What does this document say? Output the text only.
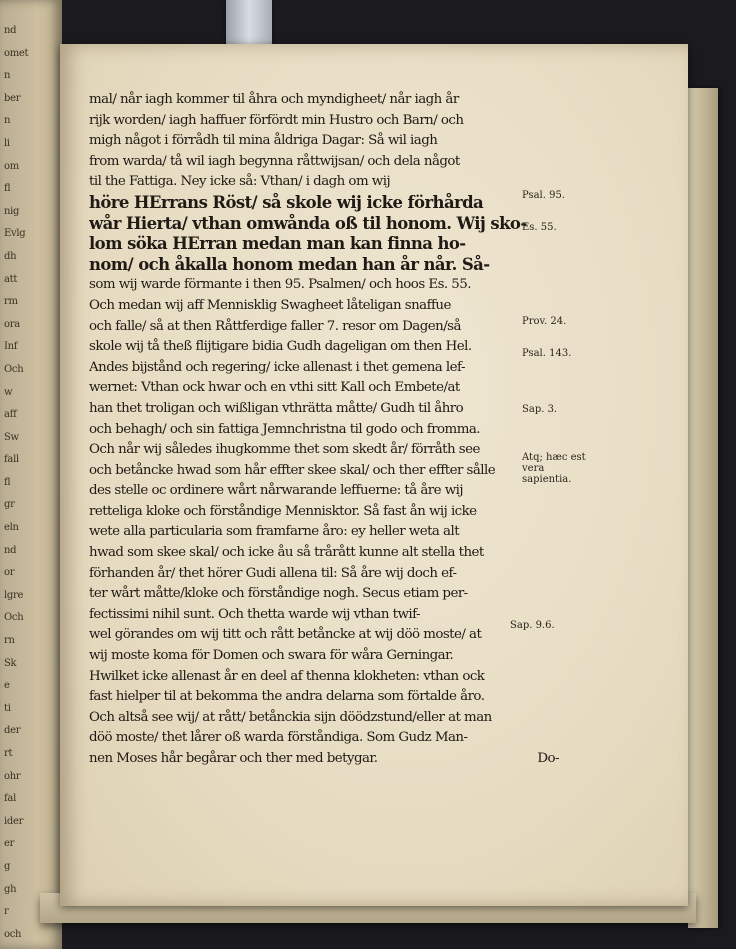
nd
omet
n
ber
n
li
om
fl
nig
Evlg
dh
att
rm
ora
Inf
Och
w
aff
Sw
fall
fl
gr
eln
nd
or
lgre
Och
rn
Sk
e
ti
der
rt
ohr
fal
ider
er
g
gh
r
och
mal/ når iagh kommer til åhra och myndigheet/ når iagh år
rijk worden/ iagh haffuer förfördt min Hustro och Barn/ och
migh något i förrådh til mina åldriga Dagar: Så wil iagh
from warda/ tå wil iagh begynna råttwijsan/ och dela något
til the Fattiga. Ney icke så: Vthan/ i dagh om wij
höre HErrans Röst/ så skole wij icke förhårda
wår Hierta/ vthan omwånda oß til honom. Wij sko-
lom söka HErran medan man kan finna ho-
nom/ och åkalla honom medan han år når. Så-
som wij warde förmante i then 95. Psalmen/ och hoos Es. 55.
Och medan wij aff Mennisklig Swagheet låteligan snaffue
och falle/ så at then Råttferdige faller 7. resor om Dagen/så
skole wij tå theß flijtigare bidia Gudh dageligan om then Hel.
Andes bijstånd och regering/ icke allenast i thet gemena lef-
wernet: Vthan ock hwar och en vthi sitt Kall och Embete/at
han thet troligan och wißligan vthrätta måtte/ Gudh til åhro
och behagh/ och sin fattiga Jemnchristna til godo och fromma.
Och når wij således ihugkomme thet som skedt år/ förråth see
och betåncke hwad som hår effter skee skal/ och ther effter sålle
des stelle oc ordinere wårt nårwarande leffuerne: tå åre wij
retteliga kloke och förståndige Mennisktor. Så fast ån wij icke
wete alla particularia som framfarne åro: ey heller weta alt
hwad som skee skal/ och icke åu så trårått kunne alt stella thet
förhanden år/ thet hörer Gudi allena til: Så åre wij doch ef-
ter wårt måtte/kloke och förståndige nogh. Secus etiam per-
fectissimi nihil sunt. Och thetta warde wij vthan twif-
wel görandes om wij titt och rått betåncke at wij döö moste/ at
wij moste koma för Domen och swara för wåra Gerningar.
Hwilket icke allenast år en deel af thenna klokheten: vthan ock
fast hielper til at bekomma the andra delarna som förtalde åro.
Och altså see wij/ at rått/ betånckia sijn döödzstund/eller at man
döö moste/ thet lårer oß warda förståndiga. Som Gudz Man-
nen Moses hår begårar och ther med betygar.	Do-
Psal. 95.
Es. 55.
Prov. 24.
Psal. 143.
Sap. 3.
Atq; hæc est vera sapientia.
Sap. 9.6.
